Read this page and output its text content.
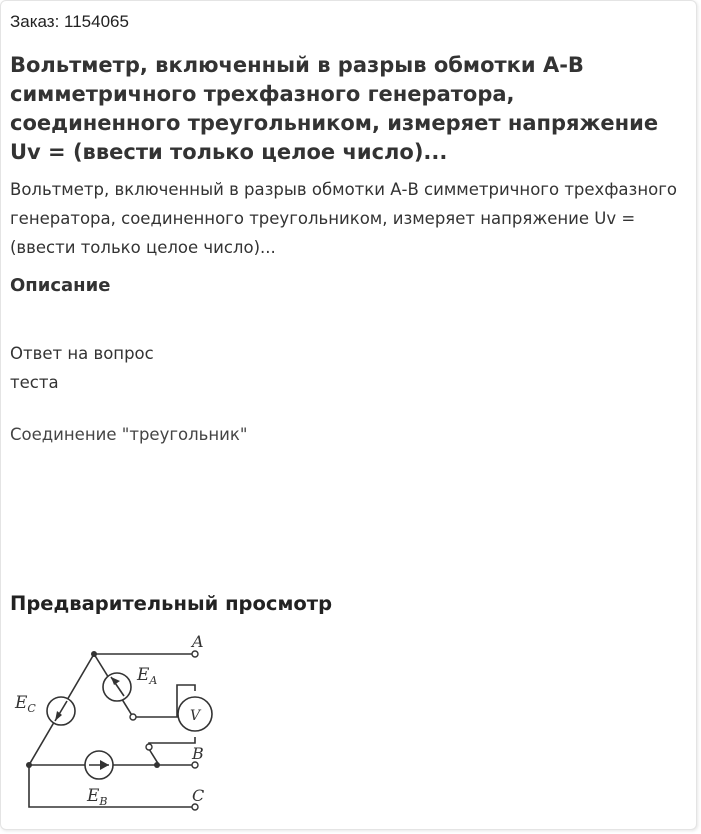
Заказ: 1154065
Вольтметр, включенный в разрыв обмотки А-В симметричного трехфазного генератора, соединенного треугольником, измеряет напряжение Uv = (ввести только целое число)...

Вольтметр, включенный в разрыв обмотки А-В симметричного трехфазного генератора, соединенного треугольником, измеряет напряжение Uv = (ввести только целое число)...

Описание
Ответ на вопрос
теста
Соединение "треугольник"
Предварительный просмотр
V
$E_C$
$E_A$
$E_B$
A
B
C
